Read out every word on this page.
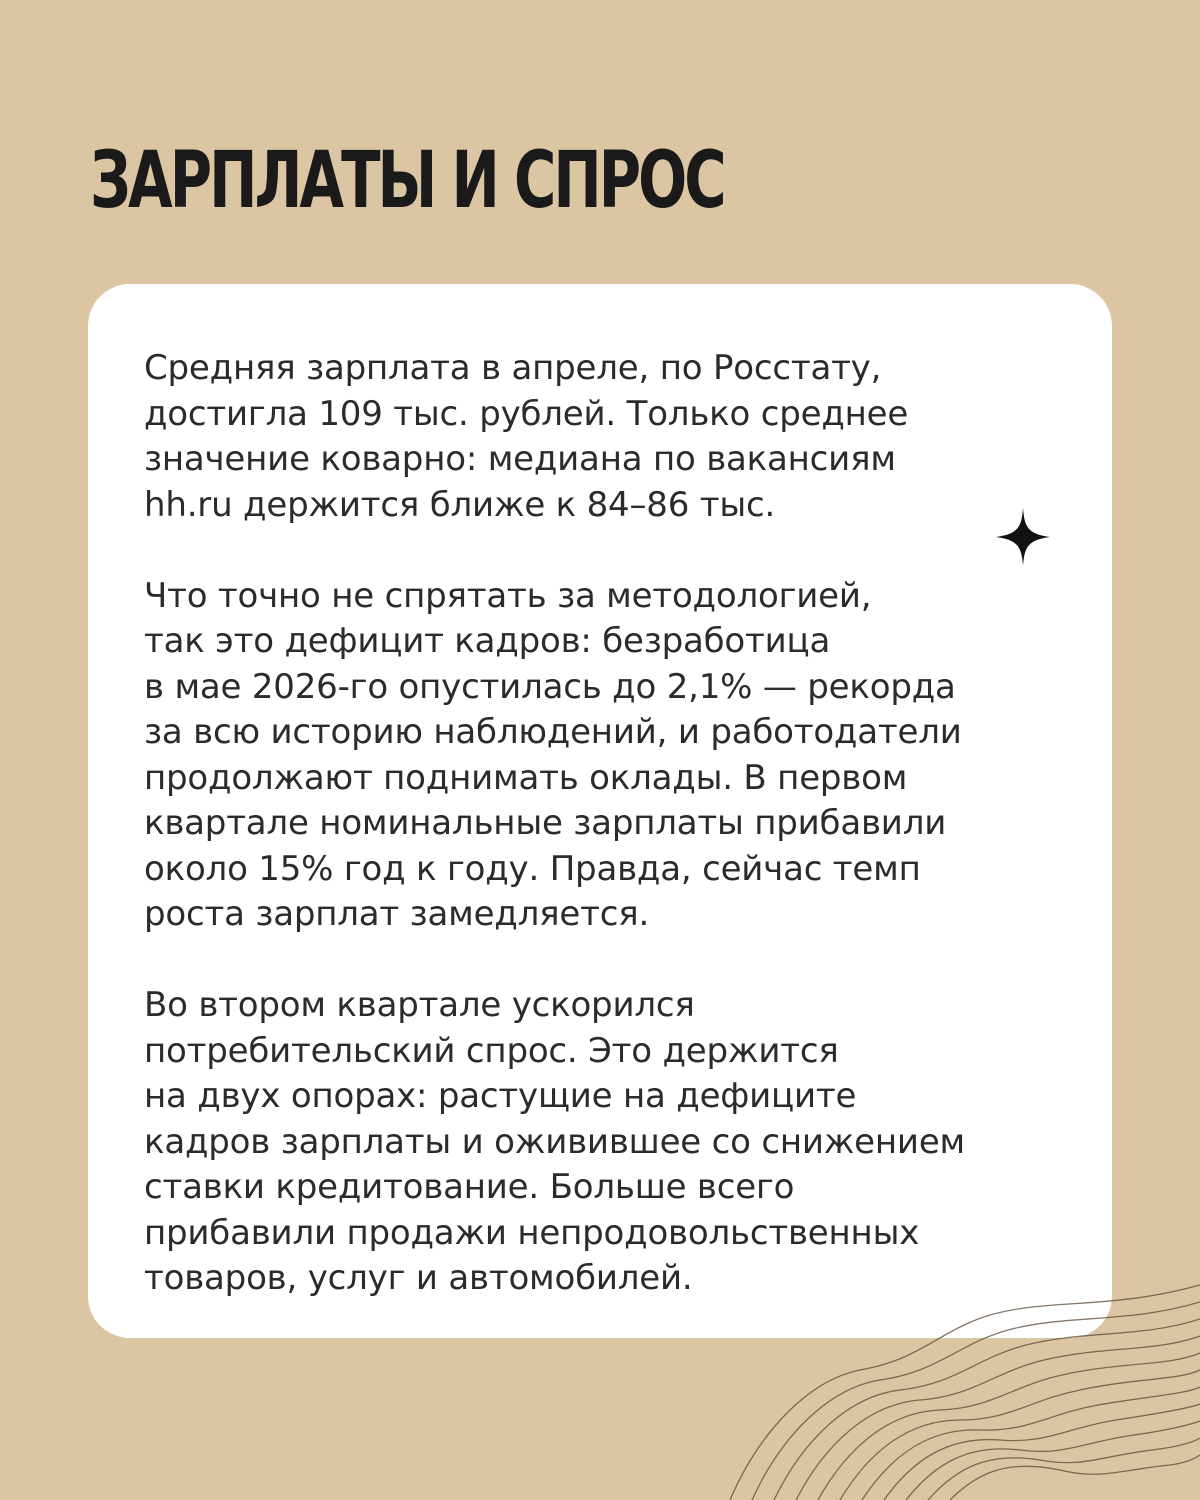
ЗАРПЛАТЫ И СПРОС
Средняя зарплата в апреле, по Росстату,
достигла 109 тыс. рублей. Только среднее
значение коварно: медиана по вакансиям
hh.ru держится ближе к 84–86 тыс.
Что точно не спрятать за методологией,
так это дефицит кадров: безработица
в мае 2026-го опустилась до 2,1% — рекорда
за всю историю наблюдений, и работодатели
продолжают поднимать оклады. В первом
квартале номинальные зарплаты прибавили
около 15% год к году. Правда, сейчас темп
роста зарплат замедляется.
Во втором квартале ускорился
потребительский спрос. Это держится
на двух опорах: растущие на дефиците
кадров зарплаты и оживившее со снижением
ставки кредитование. Больше всего
прибавили продажи непродовольственных
товаров, услуг и автомобилей.
